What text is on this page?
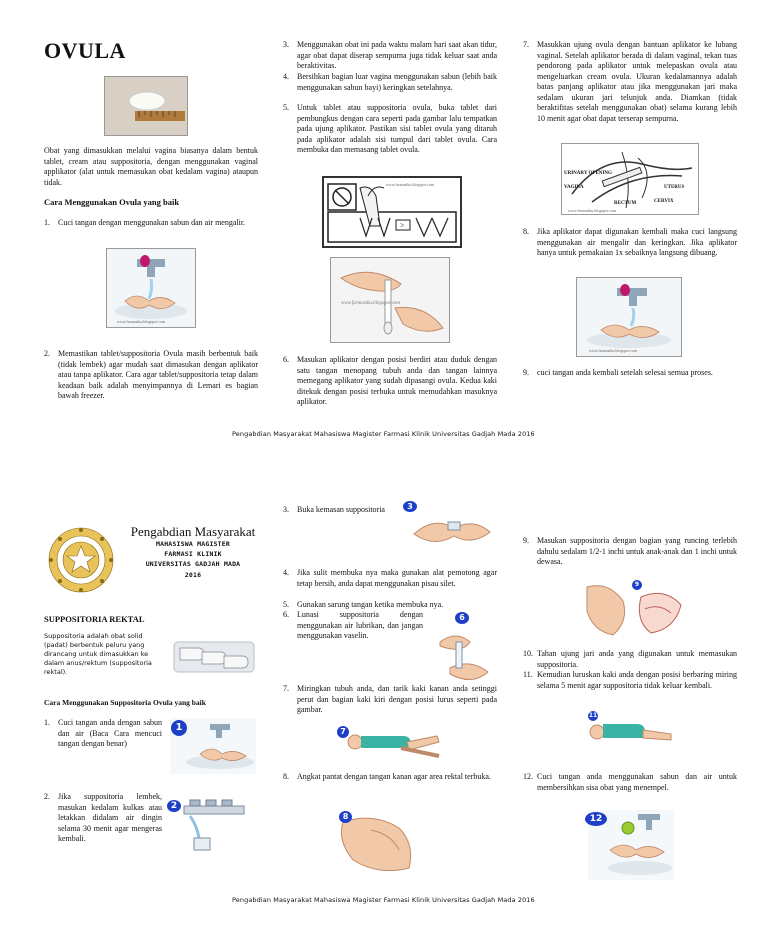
OVULA
Obat yang dimasukkan melalui vagina biasanya dalam bentuk tablet, cream atau suppositoria, dengan menggunakan vaginal applikator (alat untuk memasukan obat kedalam vagina) ataupun tidak.
Cara Menggunakan Ovula yang baik
1. Cuci tangan dengan menggunakan sabun dan air mengalir.
www.farmasiku.blogspot.com
2. Memastikan tablet/suppositoria Ovula masih berbentuk baik (tidak lembek) agar mudah saat dimasukan dengan aplikator atau tanpa aplikator. Cara agar tablet/suppositoria tetap dalam keadaan baik adalah menyimpannya di Lemari es bagian bawah freezer.
3. Menggunakan obat ini pada waktu malam hari saat akan tidur, agar obat dapat diserap sempurna juga tidak keluar saat anda beraktivitas.
4. Bersihkan bagian luar vagina menggunakan sabun (lebih baik menggunakan sabun bayi) keringkan setelahnya.
5. Untuk tablet atau suppositoria ovula, buka tablet dari pembungkus dengan cara seperti pada gambar lalu tempatkan pada ujung aplikator. Pastikan sisi tablet ovula yang ditaruh pada aplikator adalah sisi tumpul dari tablet ovula. Cara membuka dan memasang tablet ovula.
>
www.farmasiku.blogspot.com
www.farmasiku.blogspot.com
6. Masukan aplikator dengan posisi berdiri atau duduk dengan satu tangan menopang tubuh anda dan tangan lainnya memegang aplikator yang sudah dipasangi ovula. Kedua kaki ditekuk dengan posisi terbuka untuk memudahkan masuknya aplikator.
7. Masukkan ujung ovula dengan bantuan aplikator ke lubang vaginal. Setelah aplikator berada di dalam vaginal, tekan tuas pendorong pada aplikator untuk melepaskan ovula atau mengeluarkan cream ovula. Ukuran kedalamannya adalah batas panjang aplikator atau jika menggunakan jari maka sedalam ukuran jari telunjuk anda. Diamkan (tidak beraktifitas setelah menggunakan obat) selama kurang lebih 10 menit agar obat dapat terserap sempurna.
URINARY OPENING
VAGINA	UTERUS
RECTUM	CERVIX
www.farmasiku.blogspot.com
8. Jika aplikator dapat digunakan kembali maka cuci langsung menggunakan air mengalir dan keringkan. Jika aplikator hanya untuk pemakaian 1x sebaiknya langsung dibuang.
www.farmasiku.blogspot.com
9. cuci tangan anda kembali setelah selesai semua proses.
Pengabdian Masyarakat Mahasiswa Magister Farmasi Klinik Universitas Gadjah Mada 2016
Pengabdian Masyarakat
MAHASISWA MAGISTER
FARMASI KLINIK
UNIVERSITAS GADJAH MADA
2016
SUPPOSITORIA REKTAL
Suppositoria adalah obat solid (padat) berbentuk peluru yang dirancang untuk dimasukkan ke dalam anus/rektum (suppositoria rektal).
Cara Menggunakan Suppositoria Ovula yang baik
1. Cuci tangan anda dengan sabun dan air (Baca Cara mencuci tangan dengan benar)
1
2. Jika suppositoria lembek, masukan kedalam kulkas atau letakkan didalam air dingin selama 30 menit agar mengeras kembali.
2
3. Buka kemasan suppositoria	3
4. Jika sulit membuka nya maka gunakan alat pemotong agar tetap bersih, anda dapat menggunakan pisau silet.
5. Gunakan sarung tangan ketika membuka nya.
6. Lunasi suppositoria dengan menggunakan air lubrikan, dan jangan menggunakan vaselin.
6
7. Miringkan tubuh anda, dan tarik kaki kanan anda setinggi perut dan bagian kaki kiri dengan posisi lurus seperti pada gambar.
7
8. Angkat pantat dengan tangan kanan agar area rektal terbuka.
8
9. Masukan suppositoria dengan bagian yang runcing terlebih dahulu sedalam 1/2-1 inchi untuk anak-anak dan 1 inchi untuk dewasa.
9
10. Tahan ujung jari anda yang digunakan untuk memasukan suppositoria.
11. Kemudian luruskan kaki anda dengan posisi berbaring miring selama 5 menit agar suppositoria tidak keluar kembali.
11
12. Cuci tangan anda menggunakan sabun dan air untuk membersihkan sisa obat yang menempel.
12
Pengabdian Masyarakat Mahasiswa Magister Farmasi Klinik Universitas Gadjah Mada 2016
